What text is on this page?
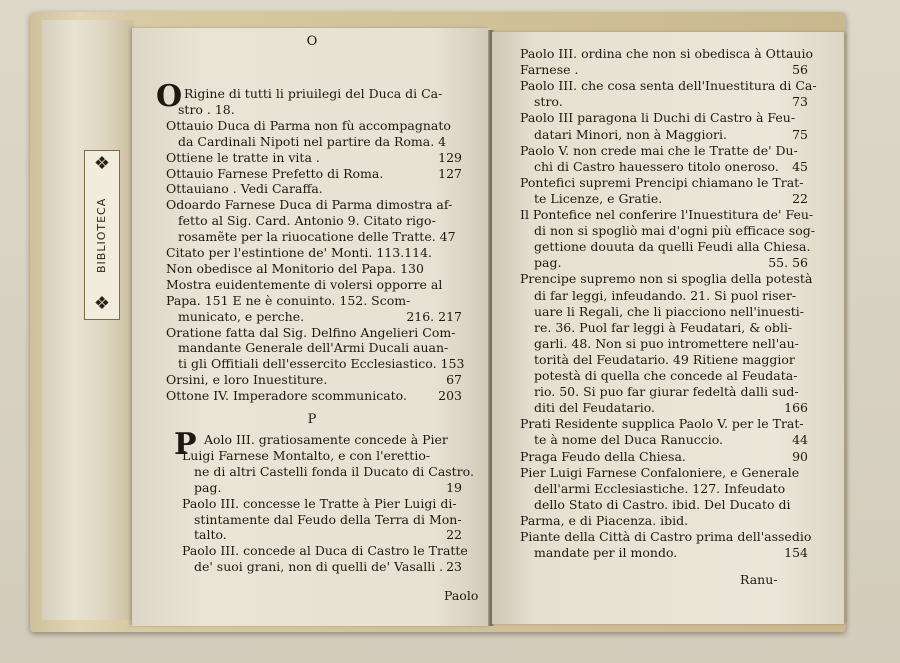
❖
BIBLIOTECA
❖
O
O Rigine di tutti li priuilegi del Duca di Ca-
stro . 18.
Ottauio Duca di Parma non fù accompagnato
da Cardinali Nipoti nel partire da Roma. 4
Ottiene le tratte in vita .	129
Ottauio Farnese Prefetto di Roma.	127
Ottauiano . Vedi Caraffa.
Odoardo Farnese Duca di Parma dimostra af-
fetto al Sig. Card. Antonio 9. Citato rigo-
rosamẽte per la riuocatione delle Tratte. 47
Citato per l'estintione de' Monti. 113.114.
Non obedisce al Monitorio del Papa. 130
Mostra euidentemente di volersi opporre al
Papa. 151 E ne è conuinto. 152. Scom-
municato, e perche.	216. 217
Oratione fatta dal Sig. Delfino Angelieri Com-
mandante Generale dell'Armi Ducali auan-
ti gli Offitiali dell'essercito Ecclesiastico. 153
Orsini, e loro Inuestiture.	67
Ottone IV. Imperadore scommunicato. 203
P
P Aolo III. gratiosamente concede à Pier
Luigi Farnese Montalto, e con l'erettio-
ne di altri Castelli fonda il Ducato di Castro.
pag.	19
Paolo III. concesse le Tratte à Pier Luigi di-
stintamente dal Feudo della Terra di Mon-
talto.	22
Paolo III. concede al Duca di Castro le Tratte
de' suoi grani, non di quelli de' Vasalli . 23
Paolo
Paolo III. ordina che non si obedisca à Ottauio
Farnese .	56
Paolo III. che cosa senta dell'Inuestitura di Ca-
stro.	73
Paolo III paragona li Duchi di Castro à Feu-
datari Minori, non à Maggiori.	75
Paolo V. non crede mai che le Tratte de' Du-
chi di Castro hauessero titolo oneroso. 45
Pontefici supremi Prencipi chiamano le Trat-
te Licenze, e Gratie.	22
Il Pontefice nel conferire l'Inuestitura de' Feu-
di non si spogliò mai d'ogni più efficace sog-
gettione douuta da quelli Feudi alla Chiesa.
pag.	55. 56
Prencipe supremo non si spoglia della potestà
di far leggi, infeudando. 21. Si puol riser-
uare li Regali, che li piacciono nell'inuesti-
re. 36. Puol far leggi à Feudatari, & obli-
garli. 48. Non si puo intromettere nell'au-
torità del Feudatario. 49 Ritiene maggior
potestà di quella che concede al Feudata-
rio. 50. Si puo far giurar fedeltà dalli sud-
diti del Feudatario.	166
Prati Residente supplica Paolo V. per le Trat-
te à nome del Duca Ranuccio.	44
Praga Feudo della Chiesa.	90
Pier Luigi Farnese Confaloniere, e Generale
dell'armi Ecclesiastiche. 127. Infeudato
dello Stato di Castro. ibid. Del Ducato di
Parma, e di Piacenza. ibid.
Piante della Città di Castro prima dell'assedio
mandate per il mondo.	154
Ranu-
